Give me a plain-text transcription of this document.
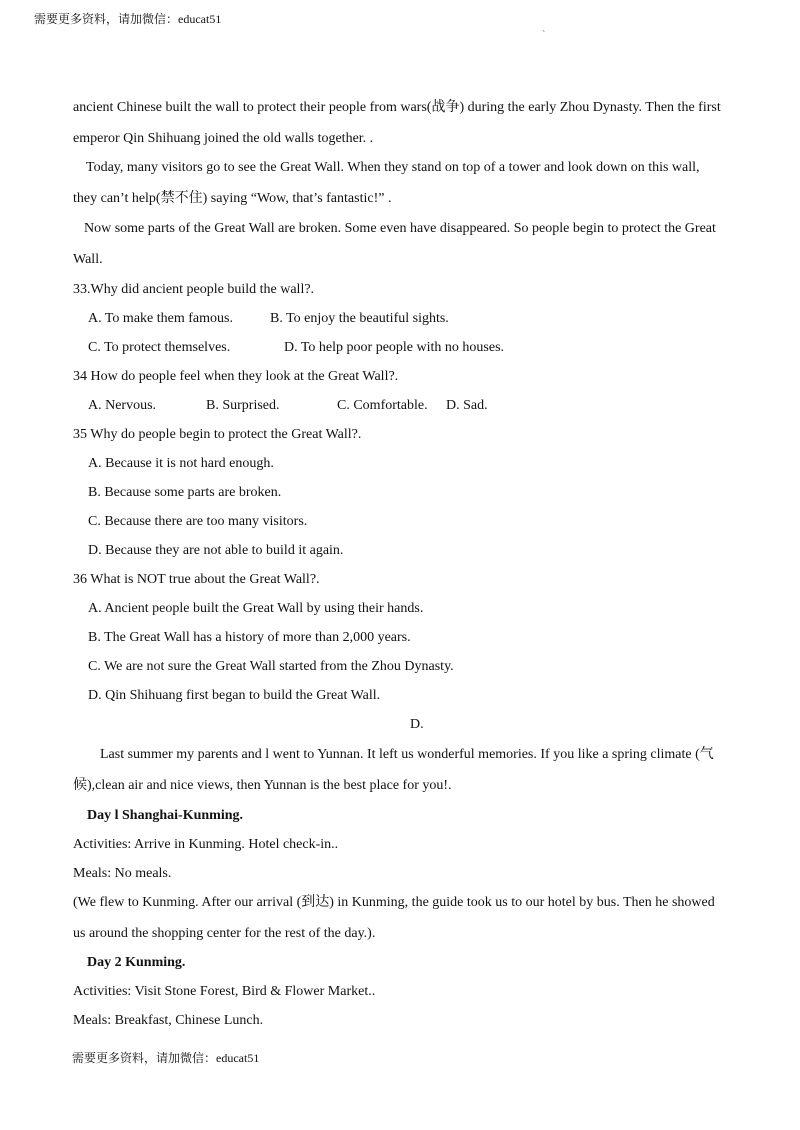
需要更多资料，请加微信：educat51
`
ancient Chinese built the wall to protect their people from wars(战争) during the early Zhou Dynasty. Then the first
emperor Qin Shihuang joined the old walls together. .
Today, many visitors go to see the Great Wall. When they stand on top of a tower and look down on this wall,
they can’t help(禁不住) saying “Wow, that’s fantastic!” .
Now some parts of the Great Wall are broken. Some even have disappeared. So people begin to protect the Great
Wall.
33.Why did ancient people build the wall?.
A. To make them famous.	B. To enjoy the beautiful sights.
C. To protect themselves.	D. To help poor people with no houses.
34 How do people feel when they look at the Great Wall?.
A. Nervous.	B. Surprised.	C. Comfortable. D. Sad.
35 Why do people begin to protect the Great Wall?.
A. Because it is not hard enough.
B. Because some parts are broken.
C. Because there are too many visitors.
D. Because they are not able to build it again.
36 What is NOT true about the Great Wall?.
A. Ancient people built the Great Wall by using their hands.
B. The Great Wall has a history of more than 2,000 years.
C. We are not sure the Great Wall started from the Zhou Dynasty.
D. Qin Shihuang first began to build the Great Wall.
D.
Last summer my parents and l went to Yunnan. It left us wonderful memories. If you like a spring climate (气
候),clean air and nice views, then Yunnan is the best place for you!.
Day l Shanghai-Kunming.
Activities: Arrive in Kunming. Hotel check-in..
Meals: No meals.
(We flew to Kunming. After our arrival (到达) in Kunming, the guide took us to our hotel by bus. Then he showed
us around the shopping center for the rest of the day.).
Day 2 Kunming.
Activities: Visit Stone Forest, Bird & Flower Market..
Meals: Breakfast, Chinese Lunch.
需要更多资料，请加微信：educat51
